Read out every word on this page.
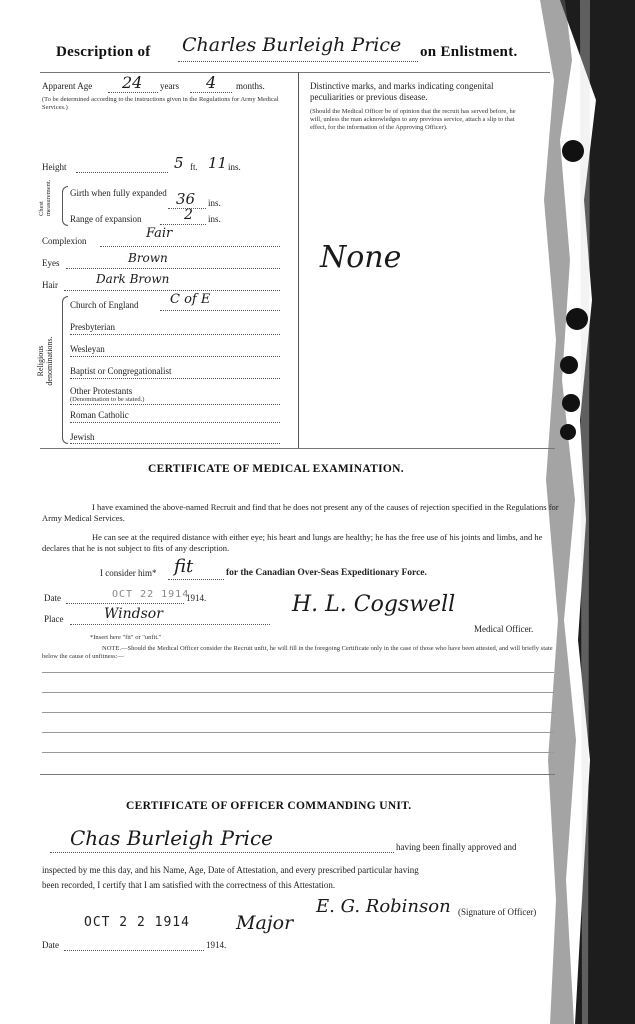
Description of Charles Burleigh Price on Enlistment.
Apparent Age 24 years 4 months.
(To be determined according to the instructions given in the Regulations for Army Medical Services.)
Height	5 ft. 11 ins.
Chest measurement. Girth when fully expanded 36 ins.
Range of expansion	2 ins.
Complexion	Fair
Eyes	Brown
Hair	Dark Brown
Religious denominations.
Church of England C of E
Presbyterian
Wesleyan
Baptist or Congregationalist
Other Protestants
(Denomination to be stated.)
Roman Catholic
Jewish
Distinctive marks, and marks indicating congenital peculiarities or previous disease.
(Should the Medical Officer be of opinion that the recruit has served before, he will, unless the man acknowledges to any previous service, attach a slip to that effect, for the information of the Approving Officer).
None
CERTIFICATE OF MEDICAL EXAMINATION.
I have examined the above-named Recruit and find that he does not present any of the causes of rejection specified in the Regulations for Army Medical Services.
He can see at the required distance with either eye; his heart and lungs are healthy; he has the free use of his joints and limbs, and he declares that he is not subject to fits of any description.
I consider him* fit	for the Canadian Over-Seas Expeditionary Force.
Date	OCT 22 1914
1914.
Place	Windsor	H. L. Cogswell
Medical Officer.
*Insert here "fit" or "unfit."
NOTE.—Should the Medical Officer consider the Recruit unfit, he will fill in the foregoing Certificate only in the case of those who have been attested, and will briefly state below the cause of unfitness:—
CERTIFICATE OF OFFICER COMMANDING UNIT.
Chas Burleigh Price	having been finally approved and
inspected by me this day, and his Name, Age, Date of Attestation, and every prescribed particular having
been recorded, I certify that I am satisfied with the correctness of this Attestation.
E. G. Robinson (Signature of Officer)
OCT 2 2 1914 Major
Date	1914.
